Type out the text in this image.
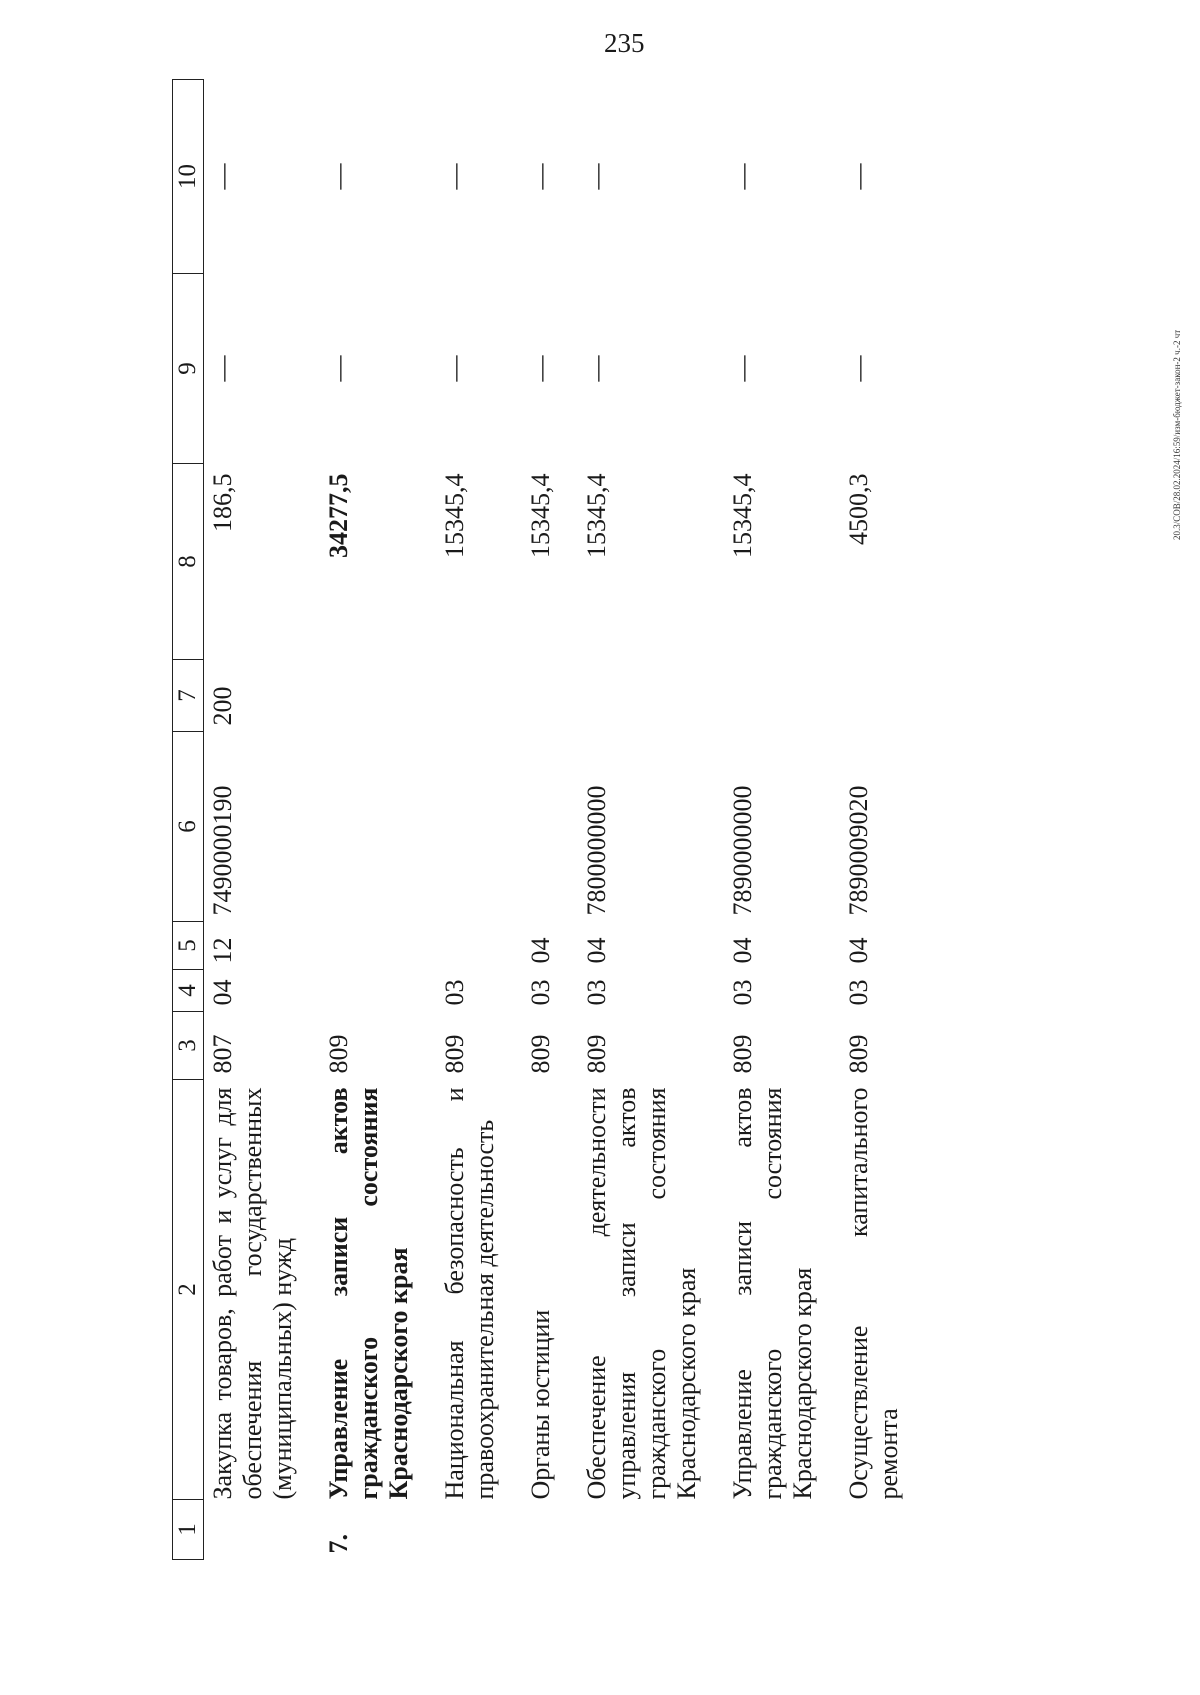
235
20.3/СОВ/28.02.2024/16:59/изм-бюджет-закон-2 ч.-2 чт
1	2	3	4	5	6	7	8	9	10
	Закупка товаров, работ и услуг для обеспечения государственных (муниципальных) нужд	807	04	12	7490000190	200	186,5	—	—

7.	Управление записи актов гражданского состояния Краснодарского края	809					34277,5	—	—

	Национальная безопасность и правоохранительная деятельность	809	03				15345,4	—	—

	Органы юстиции	809	03	04			15345,4	—	—

	Обеспечение деятельности управления записи актов гражданского состояния Краснодарского края	809	03	04	7800000000		15345,4	—	—

	Управление записи актов гражданского состояния Краснодарского края	809	03	04	7890000000		15345,4	—	—

	Осуществление капитального ремонта	809	03	04	7890009020		4500,3	—	—
